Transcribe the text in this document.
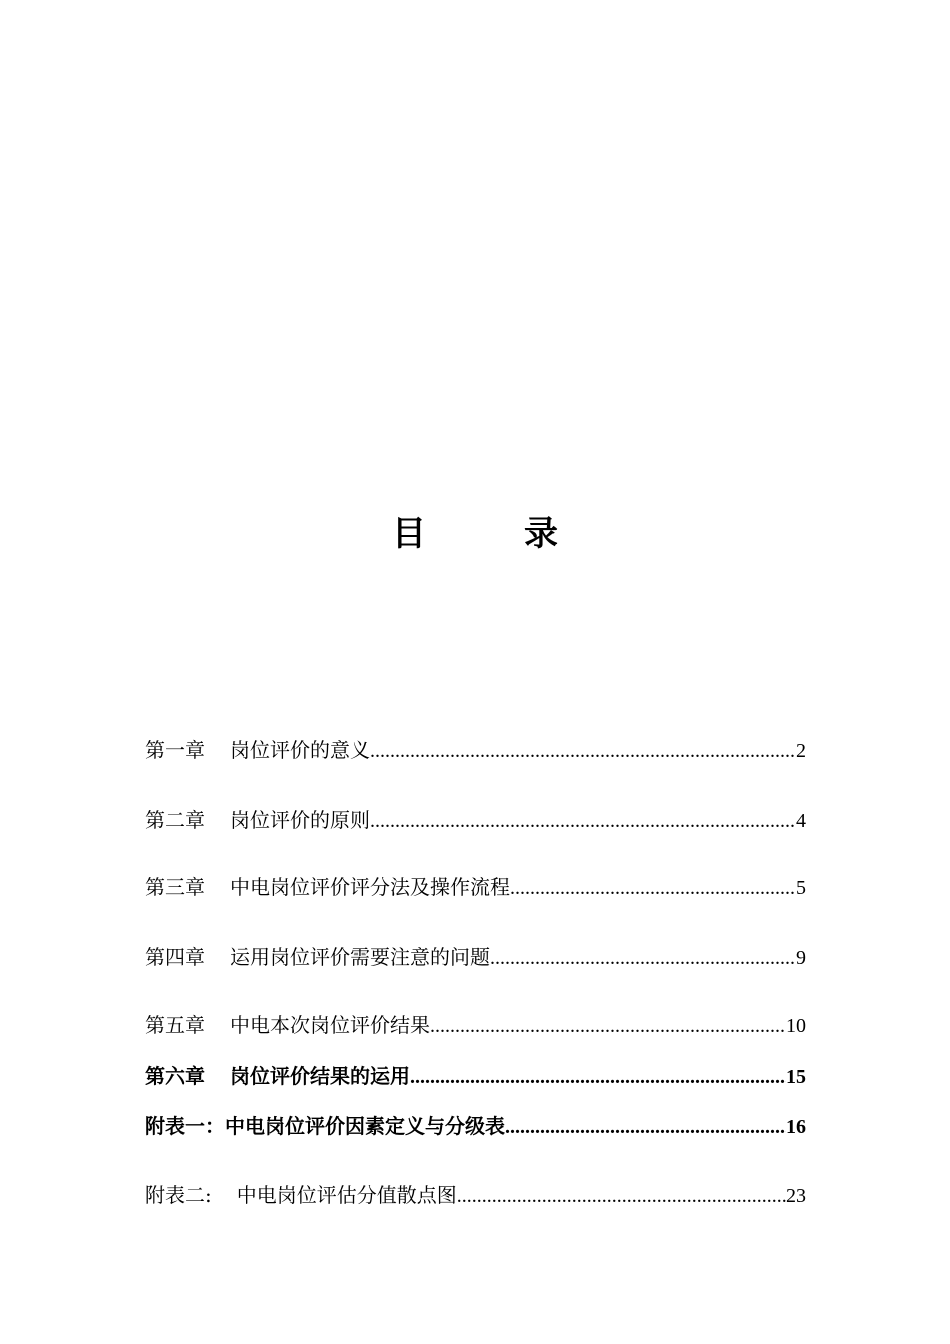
目　录
第一章 岗位评价的意义 .....	2
第二章 岗位评价的原则 .....	4
第三章 中电岗位评价评分法及操作流程 .....	5
第四章 运用岗位评价需要注意的问题 .....	9
第五章 中电本次岗位评价结果 .....	10
第六章 岗位评价结果的运用 .....	15
附表一： 中电岗位评价因素定义与分级表 .....	16
附表二: 中电岗位评估分值散点图 .....	23
